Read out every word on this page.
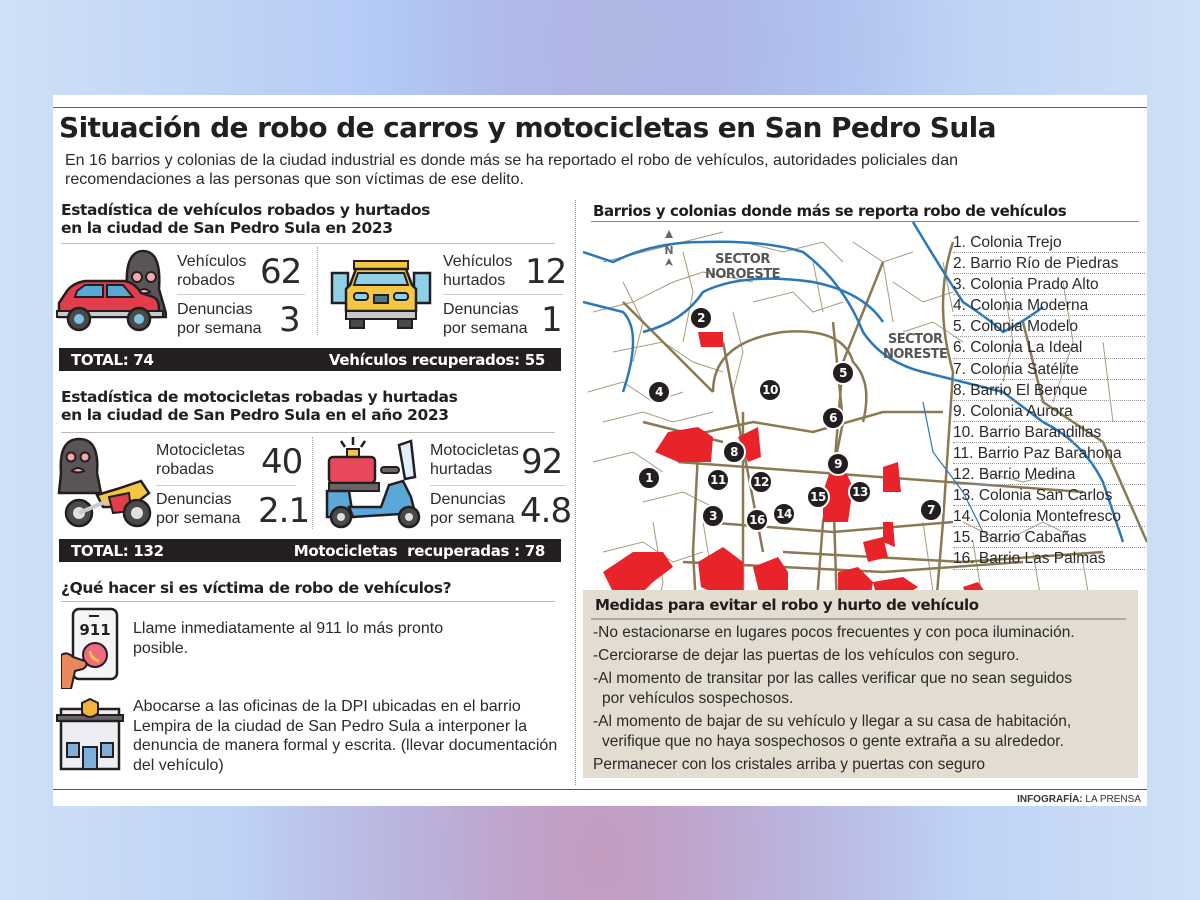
Situación de robo de carros y motocicletas en San Pedro Sula
En 16 barrios y colonias de la ciudad industrial es donde más se ha reportado el robo de vehículos, autoridades policiales dan recomendaciones a las personas que son víctimas de ese delito.
Estadística de vehículos robados y hurtados
en la ciudad de San Pedro Sula en 2023
Vehículos
robados 62
Denuncias
por semana 3
Vehículos
hurtados 12
Denuncias
por semana 1
TOTAL: 74	Vehículos recuperados: 55
Estadística de motocicletas robadas y hurtadas
en la ciudad de San Pedro Sula en el año 2023
Motocicletas
robadas	40
Denuncias
por semana 2.1
Motocicletas
hurtadas 92
Denuncias
por semana 4.8
TOTAL: 132	Motocicletas  recuperadas : 78
¿Qué hacer si es víctima de robo de vehículos?
911 Llame inmediatamente al 911 lo más pronto posible.
Abocarse a las oficinas de la DPI ubicadas en el barrio Lempira de la ciudad de San Pedro Sula a interponer la denuncia de manera formal y escrita. (llevar documentación del vehículo)
Barrios y colonias donde más se reporta robo de vehículos
N
SECTOR
NOROESTE
SECTOR
NORESTE
2
4	10
5
6
8
9
1	11 12
13
15
3	14
16
7
1. Colonia Trejo
2. Barrio Río de Piedras
3. Colonia Prado Alto
4. Colonia Moderna
5. Colonia Modelo
6. Colonia La Ideal
7. Colonia Satélite
8. Barrio El Benque
9. Colonia Aurora
10. Barrio Barandillas
11. Barrio Paz Barahona
12. Barrio Medina
13. Colonia San Carlos
14. Colonia Montefresco
15. Barrio Cabañas
16. Barrio Las Palmas
Medidas para evitar el robo y hurto de vehículo
-No estacionarse en lugares pocos frecuentes y con poca iluminación.
-Cerciorarse de dejar las puertas de los vehículos con seguro.
-Al momento de transitar por las calles verificar que no sean seguidos
por vehículos sospechosos.
-Al momento de bajar de su vehículo y llegar a su casa de habitación,
verifique que no haya sospechosos o gente extraña a su alrededor.
Permanecer con los cristales arriba y puertas con seguro
INFOGRAFÍA: LA PRENSA
